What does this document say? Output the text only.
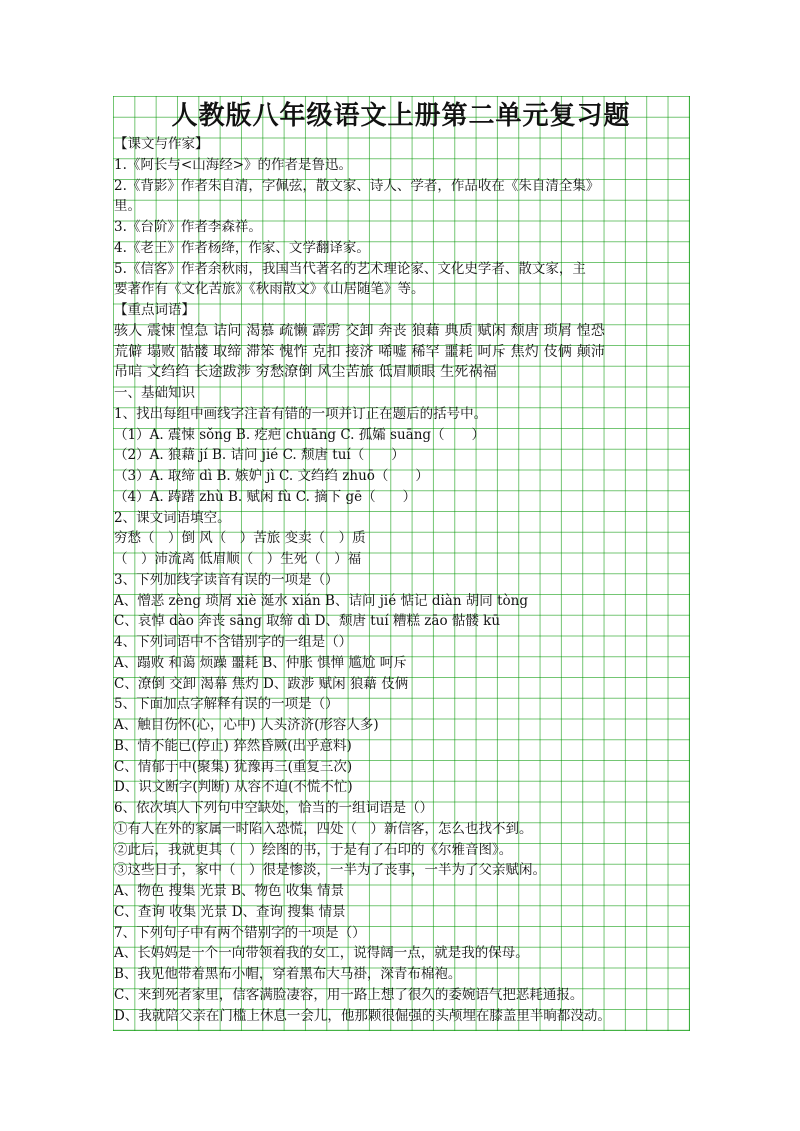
人教版八年级语文上册第二单元复习题
【课文与作家】
1.《阿长与<山海经>》的作者是鲁迅。
2.《背影》作者朱自清，字佩弦，散文家、诗人、学者，作品收在《朱自清全集》
里。
3.《台阶》作者李森祥。
4.《老王》作者杨绛，作家、文学翻译家。
5.《信客》作者余秋雨，我国当代著名的艺术理论家、文化史学者、散文家，主
要著作有《文化苦旅》《秋雨散文》《山居随笔》等。
【重点词语】
骇人 震悚 惶急 诘问 渴慕 疏懒 霹雳 交卸 奔丧 狼藉 典质 赋闲 颓唐 琐屑 惶恐
荒僻 塌败 骷髅 取缔 滞笨 愧怍 克扣 接济 唏嘘 稀罕 噩耗 呵斥 焦灼 伎俩 颠沛
吊唁 文绉绉 长途跋涉 穷愁潦倒 风尘苦旅 低眉顺眼 生死祸福
一、基础知识
1、找出每组中画线字注音有错的一项并订正在题后的括号中。
（1）A. 震悚 sǒng B. 疙疤 chuāng C. 孤孀 suāng（　　）
（2）A. 狼藉 jí B. 诘问 jié C. 颓唐 tuí（　　）
（3）A. 取缔 dì B. 嫉妒 jì C. 文绉绉 zhuō（　　）
（4）A. 踌躇 zhù B. 赋闲 fù C. 摘下 gē（　　）
2、课文词语填空。
穷愁（　）倒 风（　）苦旅 变卖（　）质
（　）沛流离 低眉顺（　）生死（　）福
3、下列加线字读音有误的一项是（）
A、憎恶 zèng 琐屑 xiè 涎水 xián B、诘问 jié 惦记 diàn 胡同 tòng
C、哀悼 dào 奔丧 sāng 取缔 dì D、颓唐 tuí 糟糕 zāo 骷髅 kū
4、下列词语中不含错别字的一组是（）
A、蹋败 和蔼 烦躁 噩耗 B、仲胀 惧惮 尴尬 呵斥
C、潦倒 交卸 渴幕 焦灼 D、跋涉 赋闲 狼藉 伎俩
5、下面加点字解释有误的一项是（）
A、触目伤怀(心，心中) 人头济济(形容人多)
B、情不能已(停止) 猝然昏厥(出乎意料)
C、情郁于中(聚集) 犹豫再三(重复三次)
D、识文断字(判断) 从容不迫(不慌不忙)
6、依次填人下列句中空缺处，恰当的一组词语是（）
①有人在外的家属一时陷入恐慌，四处（　）新信客，怎么也找不到。
②此后，我就更其（　）绘图的书，于是有了石印的《尔雅音图》。
③这些日子，家中（　）很是惨淡，一半为了丧事，一半为了父亲赋闲。
A、物色 搜集 光景 B、物色 收集 情景
C、查询 收集 光景 D、查询 搜集 情景
7、下列句子中有两个错别字的一项是（）
A、长妈妈是一个一向带领着我的女工，说得阔一点，就是我的保母。
B、我见他带着黑布小帽，穿着黑布大马褂，深青布棉袍。
C、来到死者家里，信客满脸凄容，用一路上想了很久的委婉语气把恶耗通报。
D、我就陪父亲在门槛上休息一会儿，他那颗很倔强的头颅埋在膝盖里半晌都没动。
